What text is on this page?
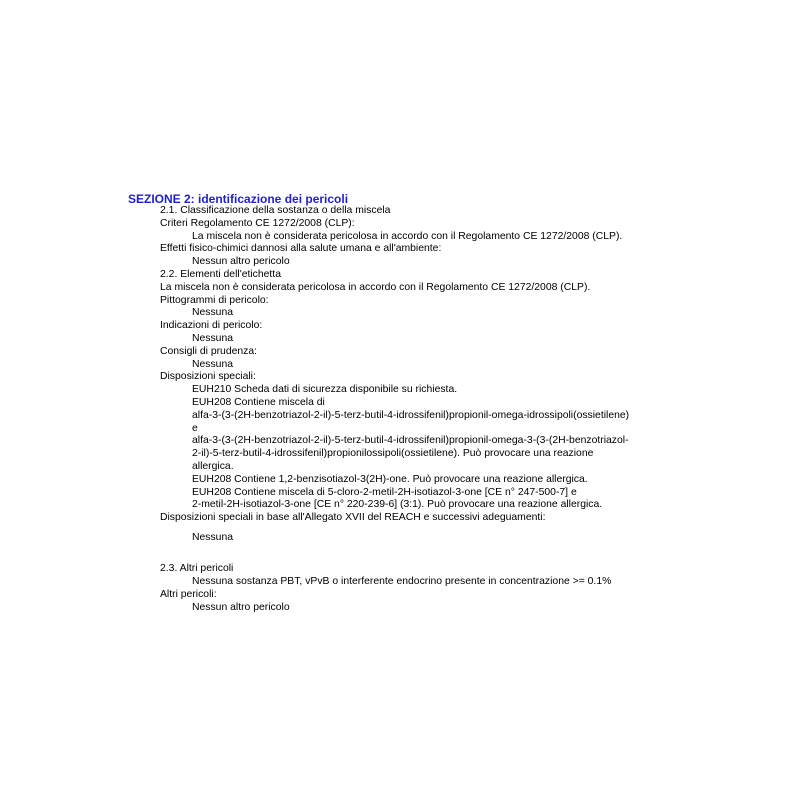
SEZIONE 2: identificazione dei pericoli
2.1. Classificazione della sostanza o della miscela
Criteri Regolamento CE 1272/2008 (CLP):
La miscela non è considerata pericolosa in accordo con il Regolamento CE 1272/2008 (CLP).
Effetti fisico-chimici dannosi alla salute umana e all'ambiente:
Nessun altro pericolo
2.2. Elementi dell'etichetta
La miscela non è considerata pericolosa in accordo con il Regolamento CE 1272/2008 (CLP).
Pittogrammi di pericolo:
Nessuna
Indicazioni di pericolo:
Nessuna
Consigli di prudenza:
Nessuna
Disposizioni speciali:
EUH210 Scheda dati di sicurezza disponibile su richiesta.
EUH208 Contiene miscela di
alfa-3-(3-(2H-benzotriazol-2-il)-5-terz-butil-4-idrossifenil)propionil-omega-idrossipoli(ossietilene)
e
alfa-3-(3-(2H-benzotriazol-2-il)-5-terz-butil-4-idrossifenil)propionil-omega-3-(3-(2H-benzotriazol-
2-il)-5-terz-butil-4-idrossifenil)propionilossipoli(ossietilene). Può provocare una reazione
allergica.
EUH208 Contiene 1,2-benzisotiazol-3(2H)-one. Può provocare una reazione allergica.
EUH208 Contiene miscela di 5-cloro-2-metil-2H-isotiazol-3-one [CE n° 247-500-7] e
2-metil-2H-isotiazol-3-one [CE n° 220-239-6] (3:1). Può provocare una reazione allergica.
Disposizioni speciali in base all'Allegato XVII del REACH e successivi adeguamenti:
Nessuna
2.3. Altri pericoli
Nessuna sostanza PBT, vPvB o interferente endocrino presente in concentrazione >= 0.1%
Altri pericoli:
Nessun altro pericolo
